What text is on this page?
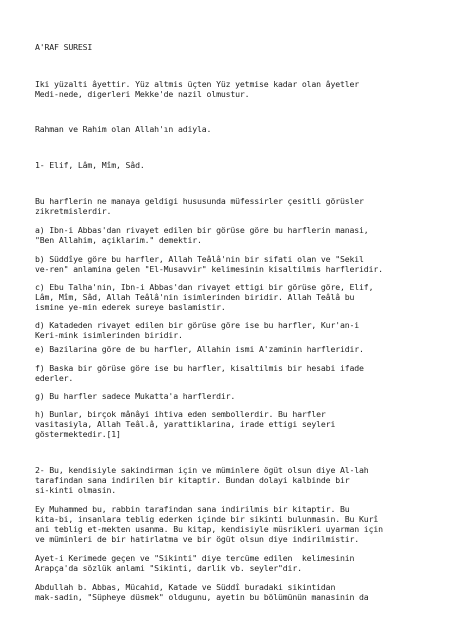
A'RAF SURESI
Iki yüzalti âyettir. Yüz altmis üçten Yüz yetmise kadar olan âyetler
Medi-nede, digerleri Mekke'de nazil olmustur.
Rahman ve Rahim olan Allah'ın adiyla.
1- Elif, Lâm, Mîm, Sâd.
Bu harflerin ne manaya geldigi hususunda müfessirler çesitli görüsler
zikretmislerdir.
a) Ibn-i Abbas'dan rivayet edilen bir görüse göre bu harflerin manasi,
"Ben Allahim, açiklarim." demektir.
b) Süddîye göre bu harfler, Allah Teâlâ'nin bir sifati olan ve "Sekil
ve-ren" anlamina gelen "El-Musavvir" kelimesinin kisaltilmis harfleridir.
c) Ebu Talha'nin, Ibn-i Abbas'dan rivayet ettigi bir görüse göre, Elif,
Lâm, Mîm, Sâd, Allah Teâlâ'nin isimlerinden biridir. Allah Teâlâ bu
ismine ye-min ederek sureye baslamistir.
d) Katadeden rivayet edilen bir görüse göre ise bu harfler, Kur'an-i
Keri-mink isimlerinden biridir.
e) Bazilarina göre de bu harfler, Allahin ismi A'zaminin harfleridir.
f) Baska bir görüse göre ise bu harfler, kisaltilmis bir hesabi ifade
ederler.
g) Bu harfler sadece Mukatta'a harflerdir.
h) Bunlar, birçok mânâyi ihtiva eden sembollerdir. Bu harfler
vasitasiyla, Allah Teâl.â, yarattiklarina, irade ettigi seyleri
göstermektedir.[1]
2- Bu, kendisiyle sakindirman için ve müminlere ögüt olsun diye Al-lah
tarafindan sana indirilen bir kitaptir. Bundan dolayi kalbinde bir
si-kinti olmasin.
Ey Muhammed bu, rabbin tarafindan sana indirilmis bir kitaptir. Bu
kita-bi, insanlara teblig ederken içinde bir sikinti bulunmasin. Bu Kurî
ani teblig et-mekten usanma. Bu kitap, kendisiyle müsrikleri uyarman için
ve müminleri de bir hatirlatma ve bir ögüt olsun diye indirilmistir.
Ayet-i Kerimede geçen ve "Sikinti" diye tercüme edilen  kelimesinin
Arapça'da sözlük anlami "Sikinti, darlik vb. seyler"dir.
Abdullah b. Abbas, Mücahid, Katade ve Süddî buradaki sikintidan
mak-sadin, "Süpheye düsmek" oldugunu, ayetin bu bölümünün manasinin da
